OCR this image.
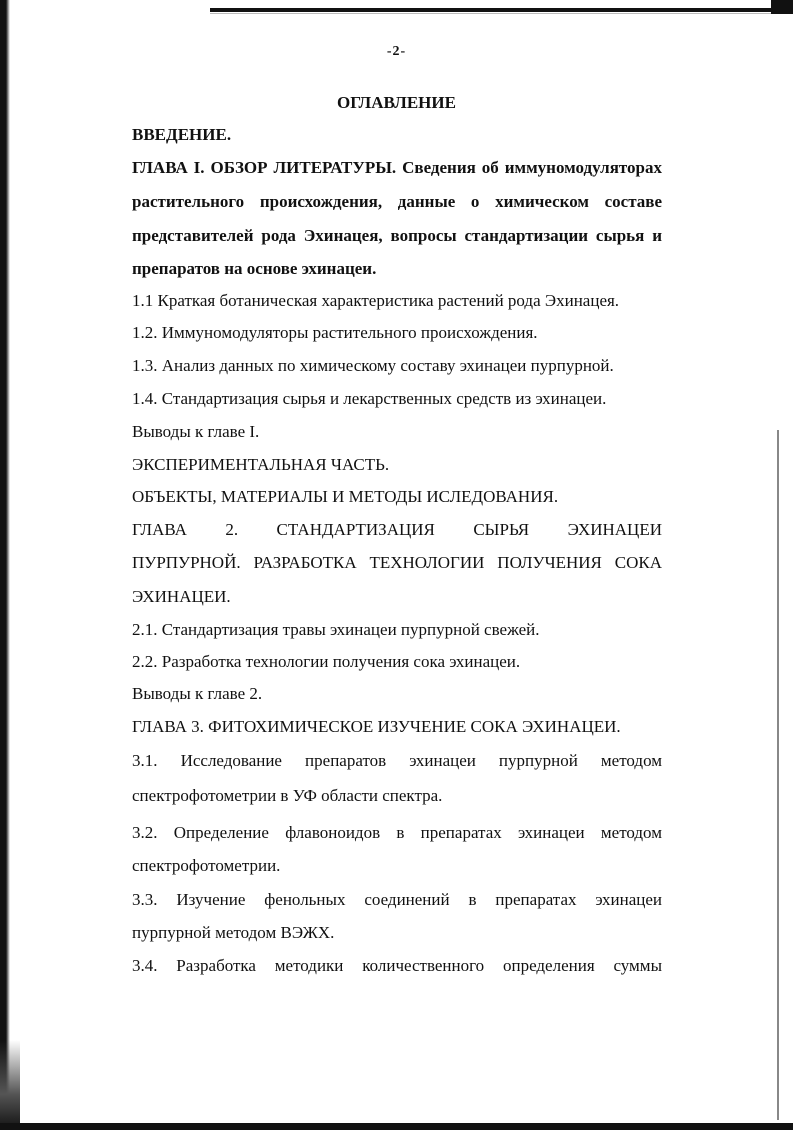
-2-
ОГЛАВЛЕНИЕ
ВВЕДЕНИЕ.
ГЛАВА I. ОБЗОР ЛИТЕРАТУРЫ. Сведения об иммуномодуляторах
растительного происхождения, данные о химическом составе
представителей рода Эхинацея, вопросы стандартизации сырья и
препаратов на основе эхинацеи.
1.1 Краткая ботаническая характеристика растений рода Эхинацея.
1.2. Иммуномодуляторы растительного происхождения.
1.3. Анализ данных по химическому составу эхинацеи пурпурной.
1.4. Стандартизация сырья и лекарственных средств из эхинацеи.
Выводы к главе I.
ЭКСПЕРИМЕНТАЛЬНАЯ ЧАСТЬ.
ОБЪЕКТЫ, МАТЕРИАЛЫ И МЕТОДЫ ИСЛЕДОВАНИЯ.
ГЛАВА 2. СТАНДАРТИЗАЦИЯ СЫРЬЯ ЭХИНАЦЕИ
ПУРПУРНОЙ. РАЗРАБОТКА ТЕХНОЛОГИИ ПОЛУЧЕНИЯ СОКА
ЭХИНАЦЕИ.
2.1. Стандартизация травы эхинацеи пурпурной свежей.
2.2. Разработка технологии получения сока эхинацеи.
Выводы к главе 2.
ГЛАВА 3. ФИТОХИМИЧЕСКОЕ ИЗУЧЕНИЕ СОКА ЭХИНАЦЕИ.
3.1. Исследование препаратов эхинацеи пурпурной методом
спектрофотометрии в УФ области спектра.
3.2. Определение флавоноидов в препаратах эхинацеи методом
спектрофотометрии.
3.3. Изучение фенольных соединений в препаратах эхинацеи
пурпурной методом ВЭЖХ.
3.4. Разработка методики количественного определения суммы
